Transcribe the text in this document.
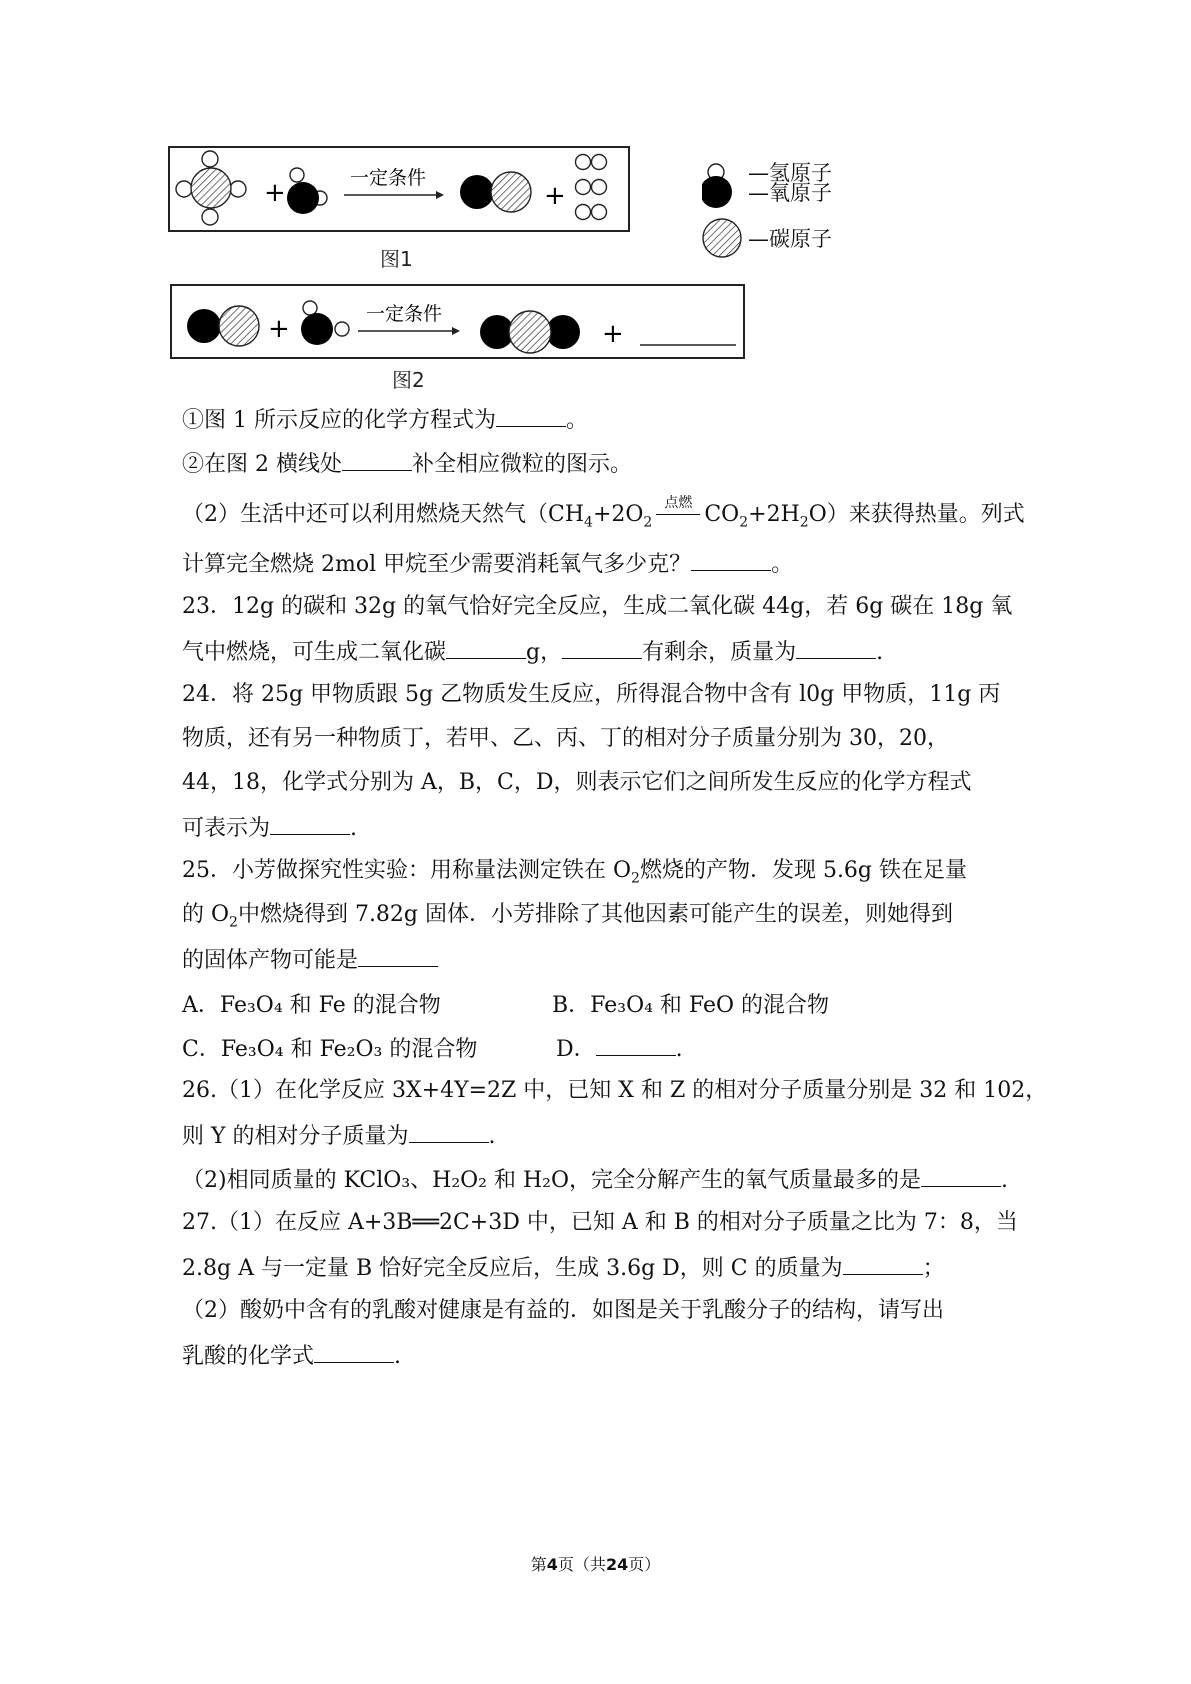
+	一定条件
+
图1
—氢原子
—氧原子
—碳原子
+	一定条件
+
图2
①图 1 所示反应的化学方程式为	。
②在图 2 横线处	补全相应微粒的图示。
（2）生活中还可以利用燃烧天然气（$CH_4+2O_2$
点燃 $CO_2+2H_2O$）来获得热量。列式
计算完全燃烧 2mol 甲烷至少需要消耗氧气多少克？	。
23．12g 的碳和 32g 的氧气恰好完全反应，生成二氧化碳 44g，若 6g 碳在 18g 氧
气中燃烧，可生成二氧化碳	g，	有剩余，质量为	.
24．将 25g 甲物质跟 5g 乙物质发生反应，所得混合物中含有 l0g 甲物质，11g 丙
物质，还有另一种物质丁，若甲、乙、丙、丁的相对分子质量分别为 30，20，
44，18，化学式分别为 A，B，C，D，则表示它们之间所发生反应的化学方程式
可表示为	.
25．小芳做探究性实验：用称量法测定铁在 $O_2$燃烧的产物．发现 5.6g 铁在足量
的 $O_2$中燃烧得到 7.82g 固体．小芳排除了其他因素可能产生的误差，则她得到
的固体产物可能是
A．Fe₃O₄ 和 Fe 的混合物	B．Fe₃O₄ 和 FeO 的混合物
C．Fe₃O₄ 和 Fe₂O₃ 的混合物	D．	.
26.（1）在化学反应 3X+4Y=2Z 中，已知 X 和 Z 的相对分子质量分别是 32 和 102，
则 Y 的相对分子质量为	.
（2)相同质量的 KClO₃、H₂O₂ 和 H₂O，完全分解产生的氧气质量最多的是	.
27.（1）在反应 A+3B══2C+3D 中，已知 A 和 B 的相对分子质量之比为 7：8，当
2.8g A 与一定量 B 恰好完全反应后，生成 3.6g D，则 C 的质量为	；
（2）酸奶中含有的乳酸对健康是有益的．如图是关于乳酸分子的结构，请写出
乳酸的化学式	.
第4页（共24页）
